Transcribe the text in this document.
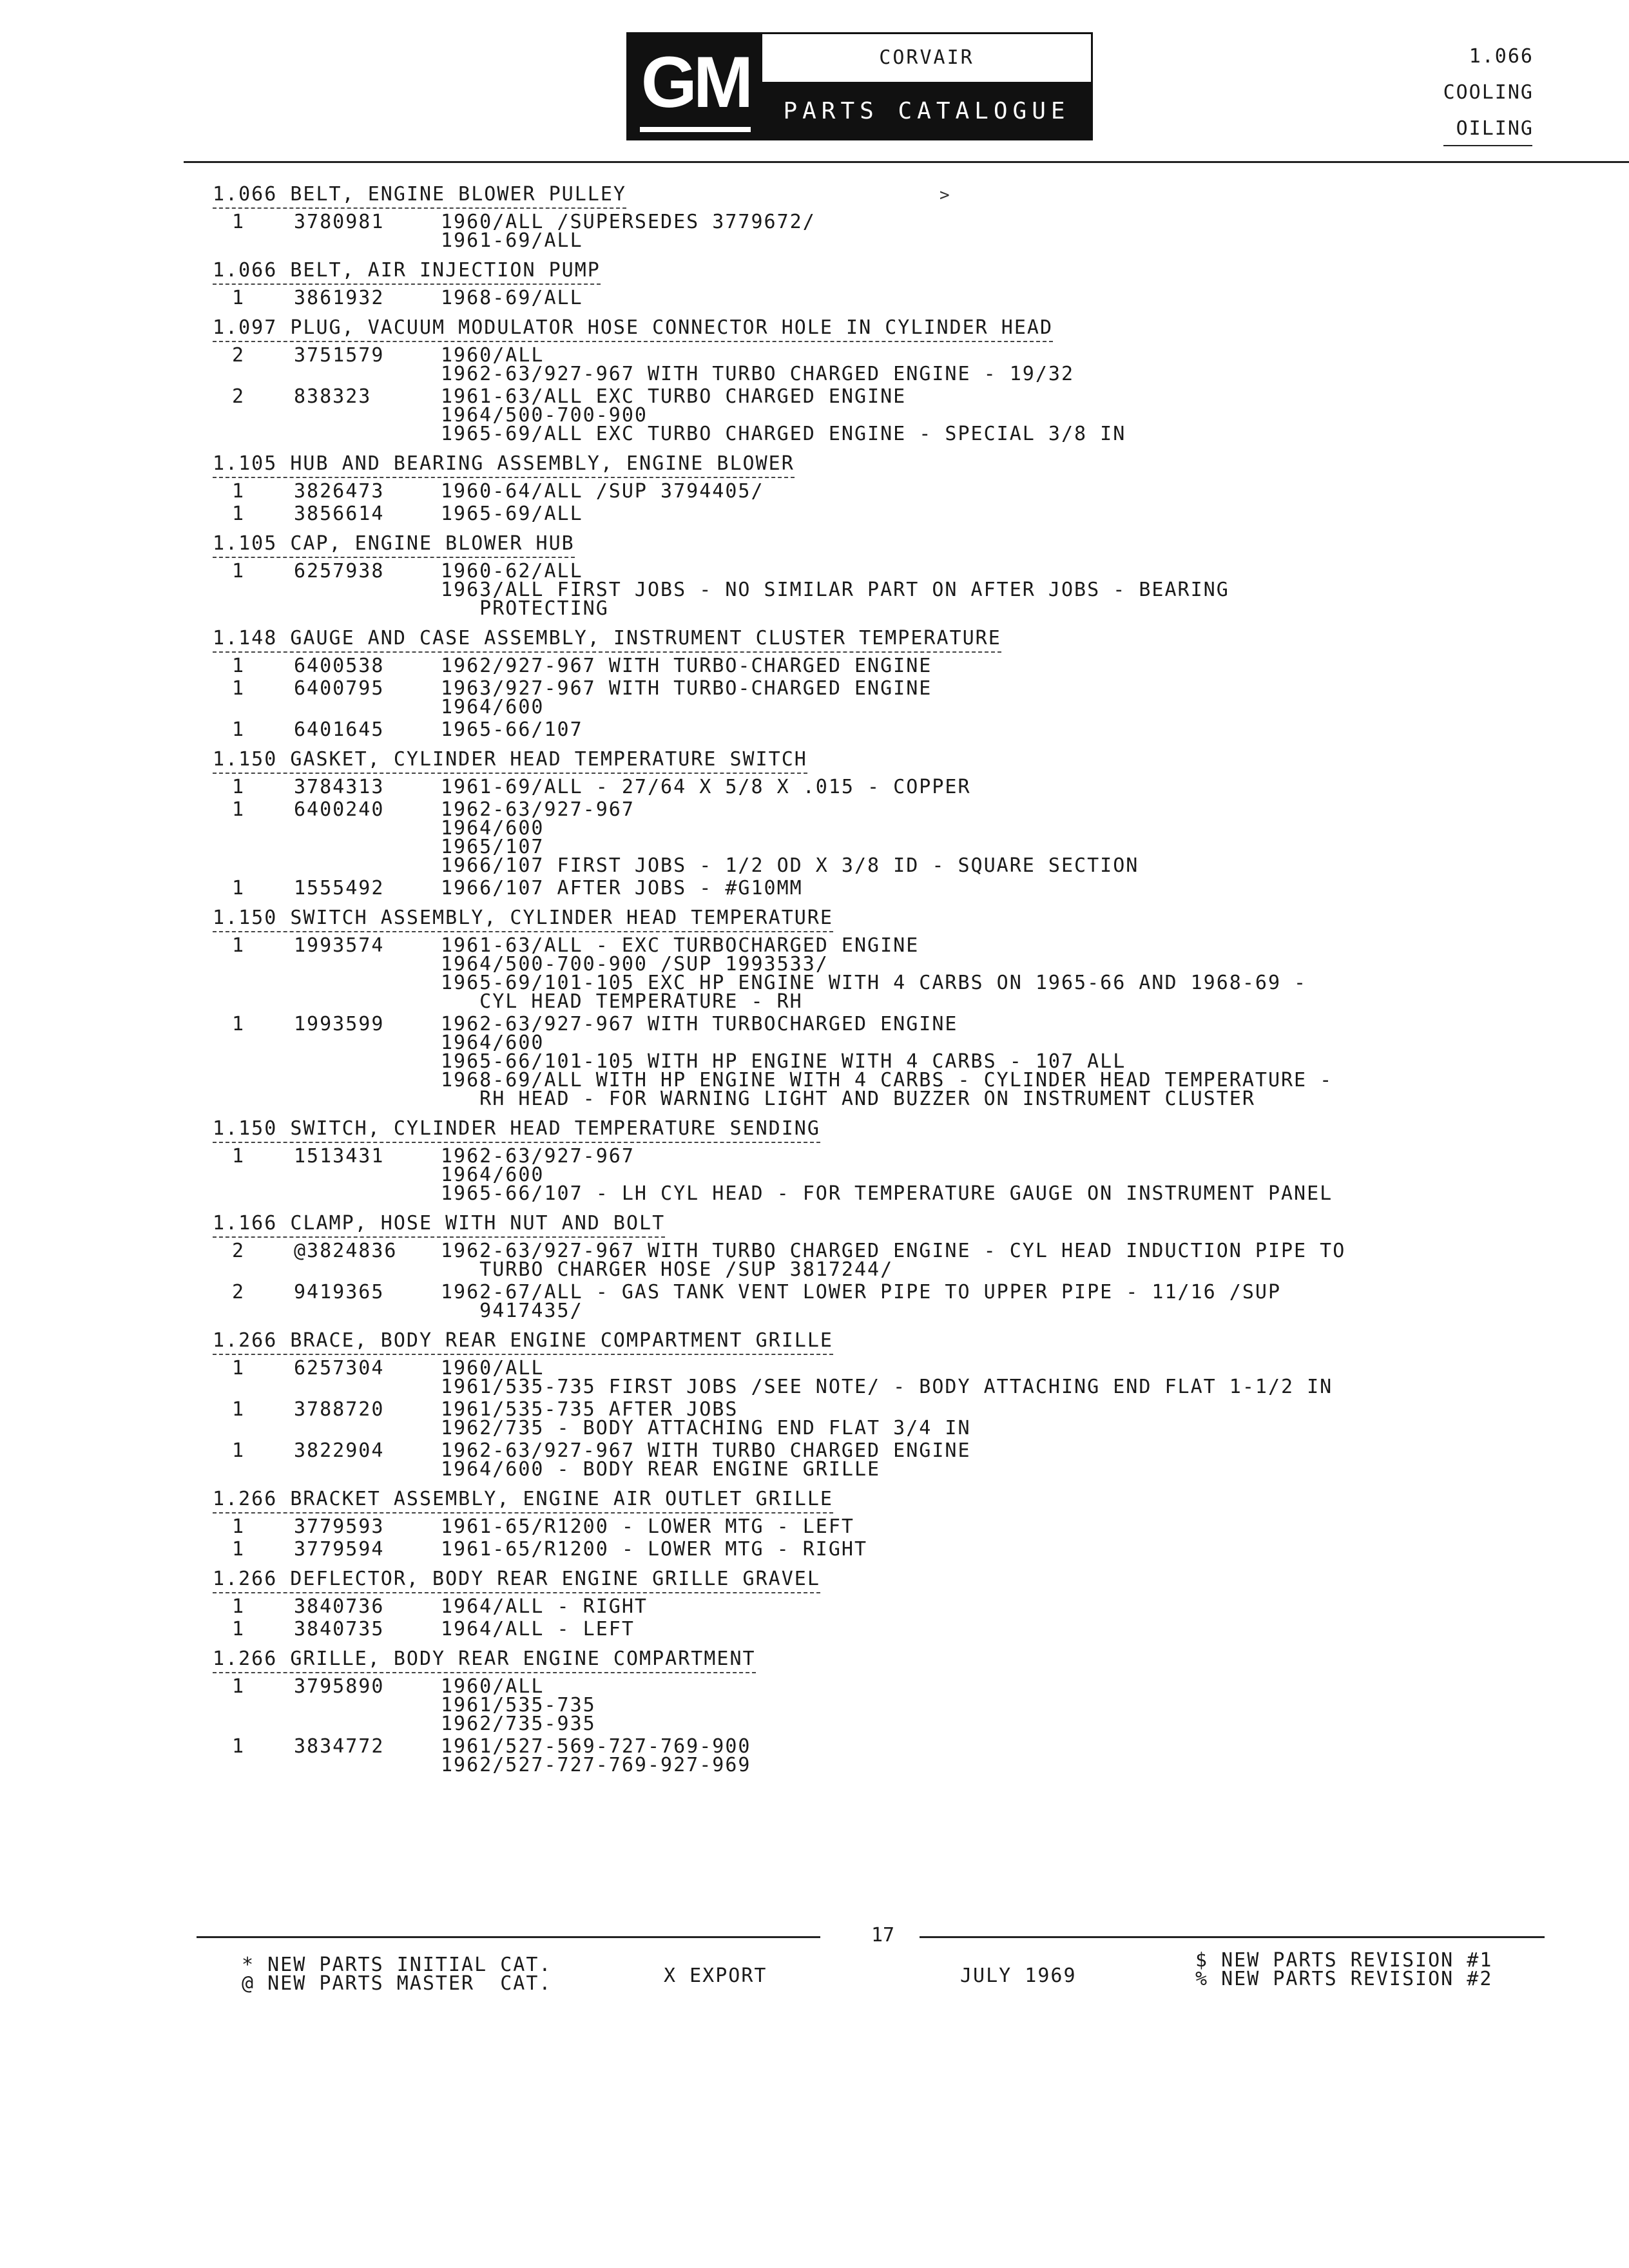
GM	CORVAIR
PARTS CATALOGUE
1.066
COOLING
OILING
>
1.066 BELT, ENGINE BLOWER PULLEY
1	3780981	1960/ALL /SUPERSEDES 3779672/
1961-69/ALL
1.066 BELT, AIR INJECTION PUMP
1	3861932	1968-69/ALL
1.097 PLUG, VACUUM MODULATOR HOSE CONNECTOR HOLE IN CYLINDER HEAD
2	3751579	1960/ALL
1962-63/927-967 WITH TURBO CHARGED ENGINE - 19/32
2	838323	1961-63/ALL EXC TURBO CHARGED ENGINE
1964/500-700-900
1965-69/ALL EXC TURBO CHARGED ENGINE - SPECIAL 3/8 IN
1.105 HUB AND BEARING ASSEMBLY, ENGINE BLOWER
1	3826473	1960-64/ALL /SUP 3794405/
1	3856614	1965-69/ALL
1.105 CAP, ENGINE BLOWER HUB
1	6257938	1960-62/ALL
1963/ALL FIRST JOBS - NO SIMILAR PART ON AFTER JOBS - BEARING
PROTECTING
1.148 GAUGE AND CASE ASSEMBLY, INSTRUMENT CLUSTER TEMPERATURE
1	6400538	1962/927-967 WITH TURBO-CHARGED ENGINE
1	6400795	1963/927-967 WITH TURBO-CHARGED ENGINE
1964/600
1	6401645	1965-66/107
1.150 GASKET, CYLINDER HEAD TEMPERATURE SWITCH
1	3784313	1961-69/ALL - 27/64 X 5/8 X .015 - COPPER
1	6400240	1962-63/927-967
1964/600
1965/107
1966/107 FIRST JOBS - 1/2 OD X 3/8 ID - SQUARE SECTION
1	1555492	1966/107 AFTER JOBS - #G10MM
1.150 SWITCH ASSEMBLY, CYLINDER HEAD TEMPERATURE
1	1993574	1961-63/ALL - EXC TURBOCHARGED ENGINE
1964/500-700-900 /SUP 1993533/
1965-69/101-105 EXC HP ENGINE WITH 4 CARBS ON 1965-66 AND 1968-69 -
CYL HEAD TEMPERATURE - RH
1	1993599	1962-63/927-967 WITH TURBOCHARGED ENGINE
1964/600
1965-66/101-105 WITH HP ENGINE WITH 4 CARBS - 107 ALL
1968-69/ALL WITH HP ENGINE WITH 4 CARBS - CYLINDER HEAD TEMPERATURE -
RH HEAD - FOR WARNING LIGHT AND BUZZER ON INSTRUMENT CLUSTER
1.150 SWITCH, CYLINDER HEAD TEMPERATURE SENDING
1	1513431	1962-63/927-967
1964/600
1965-66/107 - LH CYL HEAD - FOR TEMPERATURE GAUGE ON INSTRUMENT PANEL
1.166 CLAMP, HOSE WITH NUT AND BOLT
2	@3824836	1962-63/927-967 WITH TURBO CHARGED ENGINE - CYL HEAD INDUCTION PIPE TO
TURBO CHARGER HOSE /SUP 3817244/
2	9419365	1962-67/ALL - GAS TANK VENT LOWER PIPE TO UPPER PIPE - 11/16 /SUP
9417435/
1.266 BRACE, BODY REAR ENGINE COMPARTMENT GRILLE
1	6257304	1960/ALL
1961/535-735 FIRST JOBS /SEE NOTE/ - BODY ATTACHING END FLAT 1-1/2 IN
1	3788720	1961/535-735 AFTER JOBS
1962/735 - BODY ATTACHING END FLAT 3/4 IN
1	3822904	1962-63/927-967 WITH TURBO CHARGED ENGINE
1964/600 - BODY REAR ENGINE GRILLE
1.266 BRACKET ASSEMBLY, ENGINE AIR OUTLET GRILLE
1	3779593	1961-65/R1200 - LOWER MTG - LEFT
1	3779594	1961-65/R1200 - LOWER MTG - RIGHT
1.266 DEFLECTOR, BODY REAR ENGINE GRILLE GRAVEL
1	3840736	1964/ALL - RIGHT
1	3840735	1964/ALL - LEFT
1.266 GRILLE, BODY REAR ENGINE COMPARTMENT
1	3795890	1960/ALL
1961/535-735
1962/735-935
1	3834772	1961/527-569-727-769-900
1962/527-727-769-927-969
17
* NEW PARTS INITIAL CAT.
@ NEW PARTS MASTER  CAT.	X EXPORT	JULY 1969
$ NEW PARTS REVISION #1
% NEW PARTS REVISION #2
